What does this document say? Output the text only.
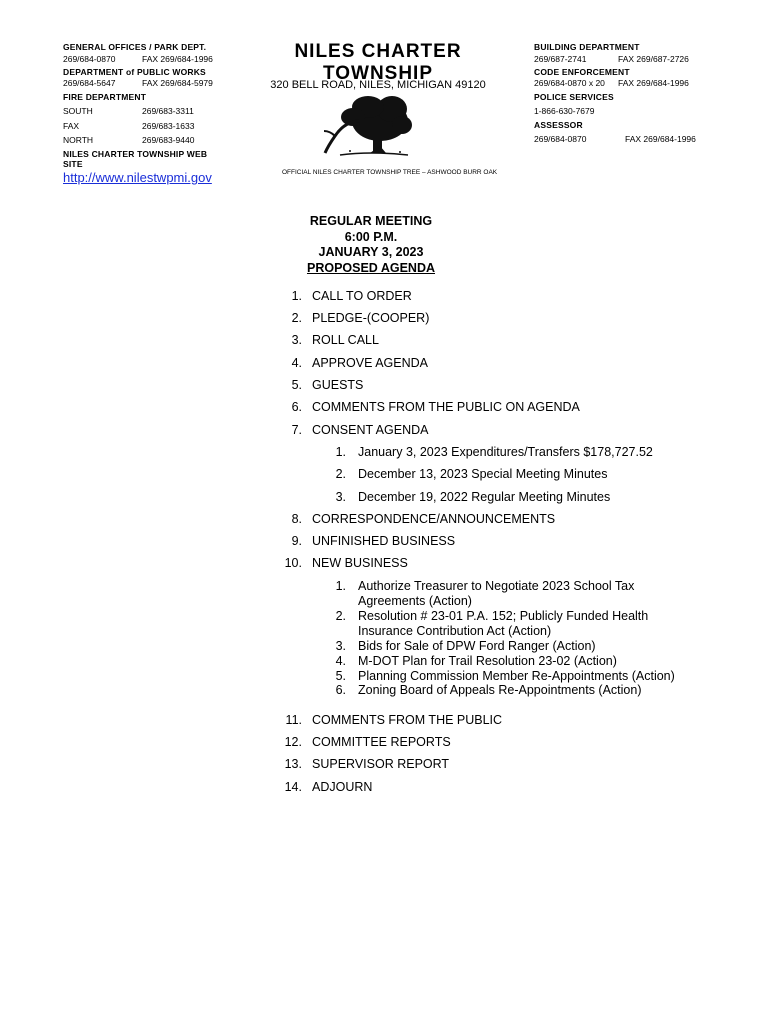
GENERAL OFFICES / PARK DEPT.
269/684-0870	FAX 269/684-1996
DEPARTMENT of PUBLIC WORKS
269/684-5647	FAX 269/684-5979
FIRE DEPARTMENT
SOUTH	269/683-3311
FAX	269/683-1633
NORTH	269/683-9440
NILES CHARTER TOWNSHIP WEB SITE
http://www.nilestwpmi.gov
NILES CHARTER TOWNSHIP
320 BELL ROAD, NILES, MICHIGAN 49120
OFFICIAL NILES CHARTER TOWNSHIP TREE – ASHWOOD BURR OAK
BUILDING DEPARTMENT
269/687-2741	FAX 269/687-2726
CODE ENFORCEMENT
269/684-0870 x 20 FAX 269/684-1996
POLICE SERVICES
1-866-630-7679
ASSESSOR
269/684-0870	FAX 269/684-1996
REGULAR MEETING
6:00 P.M.
JANUARY 3, 2023
PROPOSED AGENDA
1. CALL TO ORDER
2. PLEDGE-(COOPER)
3. ROLL CALL
4. APPROVE AGENDA
5. GUESTS
6. COMMENTS FROM THE PUBLIC ON AGENDA
7. CONSENT AGENDA
1. January 3, 2023 Expenditures/Transfers $178,727.52
2. December 13, 2023 Special Meeting Minutes
3. December 19, 2022 Regular Meeting Minutes
8. CORRESPONDENCE/ANNOUNCEMENTS
9. UNFINISHED BUSINESS
10. NEW BUSINESS
1. Authorize Treasurer to Negotiate 2023 School Tax
Agreements (Action)
2. Resolution # 23-01 P.A. 152; Publicly Funded Health
Insurance Contribution Act (Action)
3. Bids for Sale of DPW Ford Ranger (Action)
4. M-DOT Plan for Trail Resolution 23-02 (Action)
5. Planning Commission Member Re-Appointments (Action)
6. Zoning Board of Appeals Re-Appointments (Action)
11. COMMENTS FROM THE PUBLIC
12. COMMITTEE REPORTS
13. SUPERVISOR REPORT
14. ADJOURN
